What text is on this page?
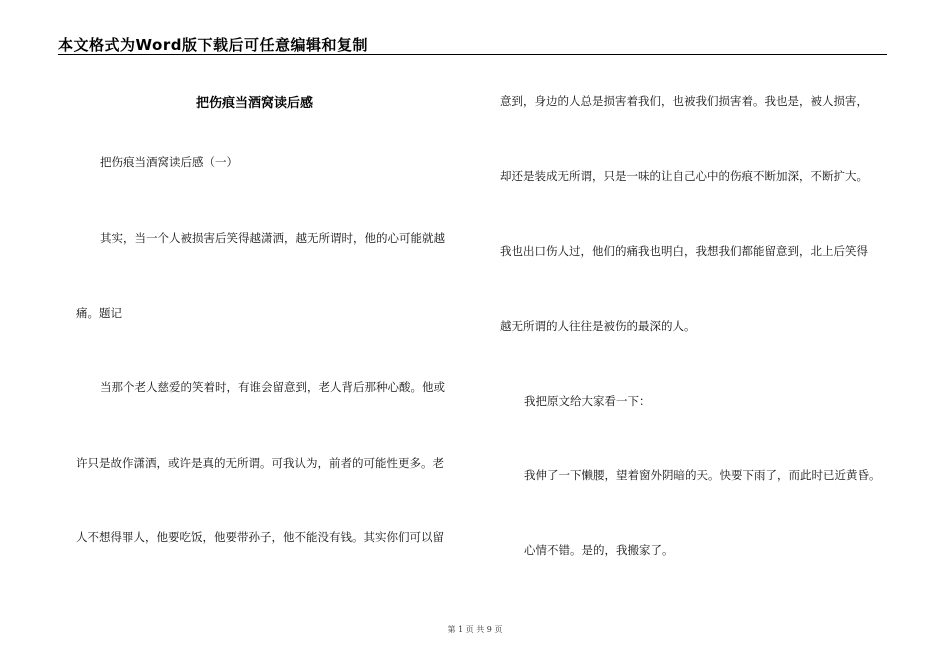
本文格式为Word版下载后可任意编辑和复制
把伤痕当酒窝读后感
把伤痕当酒窝读后感（一）
其实，当一个人被损害后笑得越潇洒，越无所谓时，他的心可能就越
痛。题记
当那个老人慈爱的笑着时，有谁会留意到，老人背后那种心酸。他或
许只是故作潇洒，或许是真的无所谓。可我认为，前者的可能性更多。老
人不想得罪人，他要吃饭，他要带孙子，他不能没有钱。其实你们可以留
意到，身边的人总是损害着我们，也被我们损害着。我也是，被人损害，
却还是装成无所谓，只是一味的让自己心中的伤痕不断加深，不断扩大。
我也出口伤人过，他们的痛我也明白，我想我们都能留意到，北上后笑得
越无所谓的人往往是被伤的最深的人。
我把原文给大家看一下：
我伸了一下懒腰，望着窗外阴暗的天。快要下雨了，而此时已近黄昏。
心情不错。是的，我搬家了。
第 1 页 共 9 页
